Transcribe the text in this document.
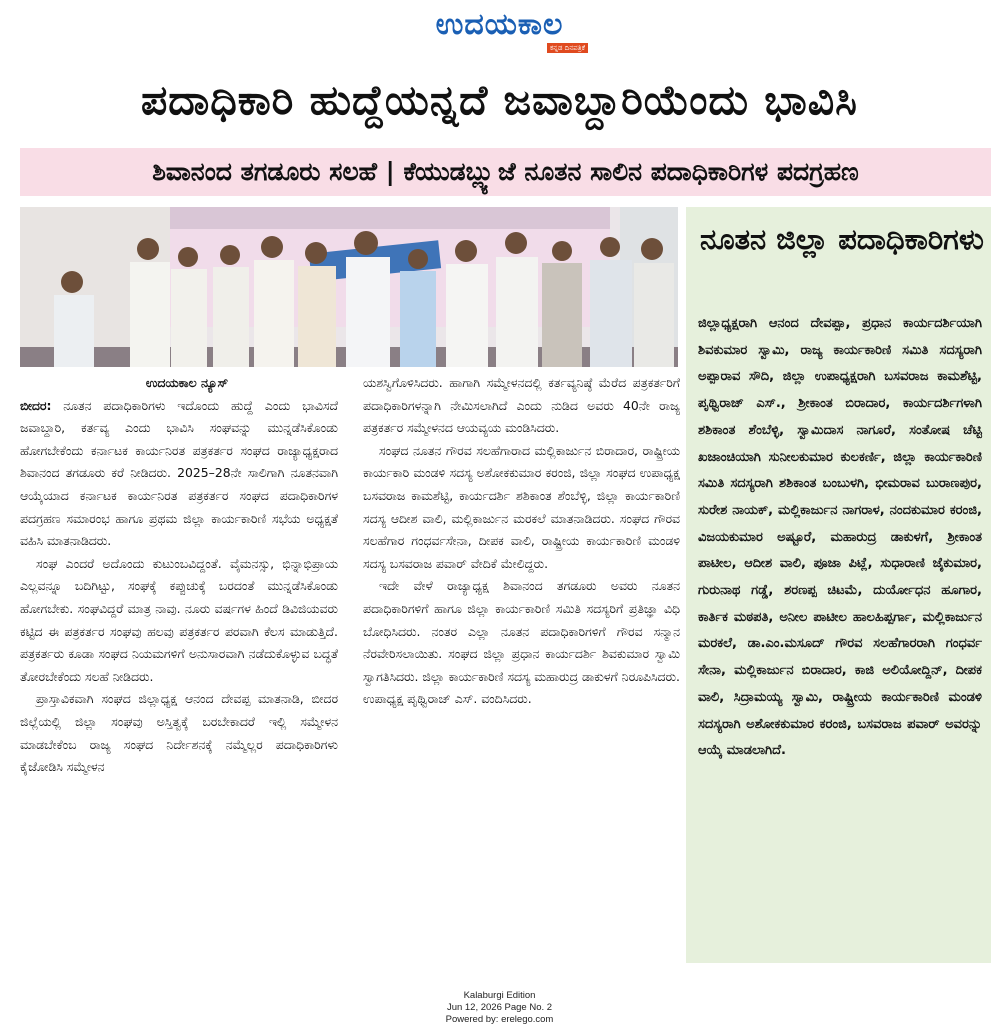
ಉದಯಕಾಲ
ಕನ್ನಡ ದಿನಪತ್ರಿಕೆ
ಪದಾಧಿಕಾರಿ ಹುದ್ದೆಯನ್ನದೆ ಜವಾಬ್ದಾರಿಯೆಂದು ಭಾವಿಸಿ
ಶಿವಾನಂದ ತಗಡೂರು ಸಲಹೆ | ಕೆಯುಡಬ್ಲ್ಯುಜೆ ನೂತನ ಸಾಲಿನ ಪದಾಧಿಕಾರಿಗಳ ಪದಗ್ರಹಣ

ಉದಯಕಾಲ ನ್ಯೂಸ್

ಬೀದರ: ನೂತನ ಪದಾಧಿಕಾರಿಗಳು ಇದೊಂದು ಹುದ್ದೆ ಎಂದು ಭಾವಿಸದೆ ಜವಾಬ್ದಾರಿ, ಕರ್ತವ್ಯ ಎಂದು ಭಾವಿಸಿ ಸಂಘವನ್ನು ಮುನ್ನಡೆಸಿಕೊಂಡು ಹೋಗಬೇಕೆಂದು ಕರ್ನಾಟಕ ಕಾರ್ಯನಿರತ ಪತ್ರಕರ್ತರ ಸಂಘದ ರಾಜ್ಯಾಧ್ಯಕ್ಷರಾದ ಶಿವಾನಂದ ತಗಡೂರು ಕರೆ ನೀಡಿದರು. 2025–28ನೇ ಸಾಲಿಗಾಗಿ ನೂತನವಾಗಿ ಆಯ್ಕೆಯಾದ ಕರ್ನಾಟಕ ಕಾರ್ಯನಿರತ ಪತ್ರಕರ್ತರ ಸಂಘದ ಪದಾಧಿಕಾರಿಗಳ ಪದಗ್ರಹಣ ಸಮಾರಂಭ ಹಾಗೂ ಪ್ರಥಮ ಜಿಲ್ಲಾ ಕಾರ್ಯಕಾರಿಣಿ ಸಭೆಯ ಅಧ್ಯಕ್ಷತೆ ವಹಿಸಿ ಮಾತನಾಡಿದರು.

ಸಂಘ ಎಂದರೆ ಅದೊಂದು ಕುಟುಂಬವಿದ್ದಂತೆ. ವೈಮನಸ್ಸು, ಭಿನ್ನಾಭಿಪ್ರಾಯ ಎಲ್ಲವನ್ನೂ ಬದಿಗಿಟ್ಟು, ಸಂಘಕ್ಕೆ ಕಪ್ಪುಚುಕ್ಕೆ ಬರದಂತೆ ಮುನ್ನಡೆಸಿಕೊಂಡು ಹೋಗಬೇಕು. ಸಂಘವಿದ್ದರೆ ಮಾತ್ರ ನಾವು. ನೂರು ವರ್ಷಗಳ ಹಿಂದೆ ಡಿವಿಜಿಯವರು ಕಟ್ಟಿದ ಈ ಪತ್ರಕರ್ತರ ಸಂಘವು ಹಲವು ಪತ್ರಕರ್ತರ ಪರವಾಗಿ ಕೆಲಸ ಮಾಡುತ್ತಿದೆ. ಪತ್ರಕರ್ತರು ಕೂಡಾ ಸಂಘದ ನಿಯಮಗಳಿಗೆ ಅನುಸಾರವಾಗಿ ನಡೆದುಕೊಳ್ಳುವ ಬದ್ಧತೆ ತೋರಬೇಕೆಂದು ಸಲಹೆ ನೀಡಿದರು.

ಪ್ರಾಸ್ತಾವಿಕವಾಗಿ ಸಂಘದ ಜಿಲ್ಲಾಧ್ಯಕ್ಷ ಆನಂದ ದೇವಪ್ಪ ಮಾತನಾಡಿ, ಬೀದರ ಜಿಲ್ಲೆಯಲ್ಲಿ ಜಿಲ್ಲಾ ಸಂಘವು ಅಸ್ತಿತ್ವಕ್ಕೆ ಬರಬೇಕಾದರೆ ಇಲ್ಲಿ ಸಮ್ಮೇಳನ ಮಾಡಬೇಕೆಂಬ ರಾಜ್ಯ ಸಂಘದ ನಿರ್ದೇಶನಕ್ಕೆ ನಮ್ಮೆಲ್ಲರ ಪದಾಧಿಕಾರಿಗಳು ಕೈಜೋಡಿಸಿ ಸಮ್ಮೇಳನ

ಯಶಸ್ವಿಗೊಳಿಸಿದರು. ಹಾಗಾಗಿ ಸಮ್ಮೇಳನದಲ್ಲಿ ಕರ್ತವ್ಯನಿಷ್ಠೆ ಮೆರೆದ ಪತ್ರಕರ್ತರಿಗೆ ಪದಾಧಿಕಾರಿಗಳನ್ನಾಗಿ ನೇಮಿಸಲಾಗಿದೆ ಎಂದು ನುಡಿದ ಅವರು 40ನೇ ರಾಜ್ಯ ಪತ್ರಕರ್ತರ ಸಮ್ಮೇಳನದ ಆಯವ್ಯಯ ಮಂಡಿಸಿದರು.

ಸಂಘದ ನೂತನ ಗೌರವ ಸಲಹೆಗಾರಾದ ಮಲ್ಲಿಕಾರ್ಜುನ ಬಿರಾದಾರ, ರಾಷ್ಟ್ರೀಯ ಕಾರ್ಯಕಾರಿ ಮಂಡಳಿ ಸದಸ್ಯ ಅಶೋಕಕುಮಾರ ಕರಂಜಿ, ಜಿಲ್ಲಾ ಸಂಘದ ಉಪಾಧ್ಯಕ್ಷ ಬಸವರಾಜ ಕಾಮಶೆಟ್ಟಿ, ಕಾರ್ಯದರ್ಶಿ ಶಶಿಕಾಂತ ಶೆಂಬೆಳ್ಳಿ, ಜಿಲ್ಲಾ ಕಾರ್ಯಕಾರಿಣಿ ಸದಸ್ಯ ಆದೀಶ ವಾಲಿ, ಮಲ್ಲಿಕಾರ್ಜುನ ಮರಕಲೆ ಮಾತನಾಡಿದರು. ಸಂಘದ ಗೌರವ ಸಲಹೆಗಾರ ಗಂಧರ್ವಸೇನಾ, ದೀಪಕ ವಾಲಿ, ರಾಷ್ಟ್ರೀಯ ಕಾರ್ಯಕಾರಿಣಿ ಮಂಡಳಿ ಸದಸ್ಯ ಬಸವರಾಜ ಪವಾರ್ ವೇದಿಕೆ ಮೇಲಿದ್ದರು.

ಇದೇ ವೇಳೆ ರಾಜ್ಯಾಧ್ಯಕ್ಷ ಶಿವಾನಂದ ತಗಡೂರು ಅವರು ನೂತನ ಪದಾಧಿಕಾರಿಗಳಿಗೆ ಹಾಗೂ ಜಿಲ್ಲಾ ಕಾರ್ಯಕಾರಿಣಿ ಸಮಿತಿ ಸದಸ್ಯರಿಗೆ ಪ್ರತಿಜ್ಞಾ ವಿಧಿ ಬೋಧಿಸಿದರು. ನಂತರ ಎಲ್ಲಾ ನೂತನ ಪದಾಧಿಕಾರಿಗಳಿಗೆ ಗೌರವ ಸನ್ಮಾನ ನೆರವೇರಿಸಲಾಯಿತು. ಸಂಘದ ಜಿಲ್ಲಾ ಪ್ರಧಾನ ಕಾರ್ಯದರ್ಶಿ ಶಿವಕುಮಾರ ಸ್ವಾಮಿ ಸ್ವಾಗತಿಸಿದರು. ಜಿಲ್ಲಾ ಕಾರ್ಯಕಾರಿಣಿ ಸದಸ್ಯ ಮಹಾರುದ್ರ ಡಾಕುಳಗೆ ನಿರೂಪಿಸಿದರು. ಉಪಾಧ್ಯಕ್ಷ ಪೃಥ್ವಿರಾಜ್ ಎಸ್. ವಂದಿಸಿದರು.

ನೂತನ ಜಿಲ್ಲಾ ಪದಾಧಿಕಾರಿಗಳು
ಜಿಲ್ಲಾಧ್ಯಕ್ಷರಾಗಿ ಆನಂದ ದೇವಪ್ಪಾ, ಪ್ರಧಾನ ಕಾರ್ಯದರ್ಶಿಯಾಗಿ ಶಿವಕುಮಾರ ಸ್ವಾಮಿ, ರಾಜ್ಯ ಕಾರ್ಯಕಾರಿಣಿ ಸಮಿತಿ ಸದಸ್ಯರಾಗಿ ಅಪ್ಪಾರಾವ ಸೌದಿ, ಜಿಲ್ಲಾ ಉಪಾಧ್ಯಕ್ಷರಾಗಿ ಬಸವರಾಜ ಕಾಮಶೆಟ್ಟಿ, ಪೃಥ್ವಿರಾಜ್ ಎಸ್., ಶ್ರೀಕಾಂತ ಬಿರಾದಾರ, ಕಾರ್ಯದರ್ಶಿಗಳಾಗಿ ಶಶಿಕಾಂತ ಶೆಂಬೆಳ್ಳಿ, ಸ್ವಾಮಿದಾಸ ನಾಗೂರೆ, ಸಂತೋಷ ಚೆಟ್ಟಿ ಖಜಾಂಚಿಯಾಗಿ ಸುನೀಲಕುಮಾರ ಕುಲಕರ್ಣಿ, ಜಿಲ್ಲಾ ಕಾರ್ಯಕಾರಿಣಿ ಸಮಿತಿ ಸದಸ್ಯರಾಗಿ ಶಶಿಕಾಂತ ಬಂಬುಳಗಿ, ಭೀಮರಾವ ಬುರಾಣಪುರ, ಸುರೇಶ ನಾಯಕ್, ಮಲ್ಲಿಕಾರ್ಜುನ ನಾಗರಾಳ, ನಂದಕುಮಾರ ಕರಂಜಿ, ವಿಜಯಕುಮಾರ ಅಷ್ಟೂರೆ, ಮಹಾರುದ್ರ ಡಾಕುಳಗೆ, ಶ್ರೀಕಾಂತ ಪಾಟೀಲ, ಆದೀಶ ವಾಲಿ, ಪೂಜಾ ಪಿಟ್ಲೆ, ಸುಧಾರಾಣಿ ಜೈಕುಮಾರ, ಗುರುನಾಥ ಗಡ್ಡೆ, ಶರಣಪ್ಪ ಚಿಟಮೆ, ದುರ್ಯೋಧನ ಹೂಗಾರ, ಕಾರ್ತಿಕ ಮಠಪತಿ, ಅನೀಲ ಪಾಟೀಲ ಹಾಲಹಿಪ್ಪರ್ಗಾ, ಮಲ್ಲಿಕಾರ್ಜುನ ಮರಕಲೆ, ಡಾ.ಎಂ.ಮಸೂದ್ ಗೌರವ ಸಲಹೆಗಾರರಾಗಿ ಗಂಧರ್ವ ಸೇನಾ, ಮಲ್ಲಿಕಾರ್ಜುನ ಬಿರಾದಾರ, ಕಾಜಿ ಅಲಿಯೋದ್ದಿನ್, ದೀಪಕ ವಾಲಿ, ಸಿದ್ರಾಮಯ್ಯ ಸ್ವಾಮಿ, ರಾಷ್ಟ್ರೀಯ ಕಾರ್ಯಕಾರಿಣಿ ಮಂಡಳಿ ಸದಸ್ಯರಾಗಿ ಅಶೋಕಕುಮಾರ ಕರಂಜಿ, ಬಸವರಾಜ ಪವಾರ್ ಅವರನ್ನು ಆಯ್ಕೆ ಮಾಡಲಾಗಿದೆ.
Kalaburgi Edition
Jun 12, 2026 Page No. 2
Powered by: erelego.com
